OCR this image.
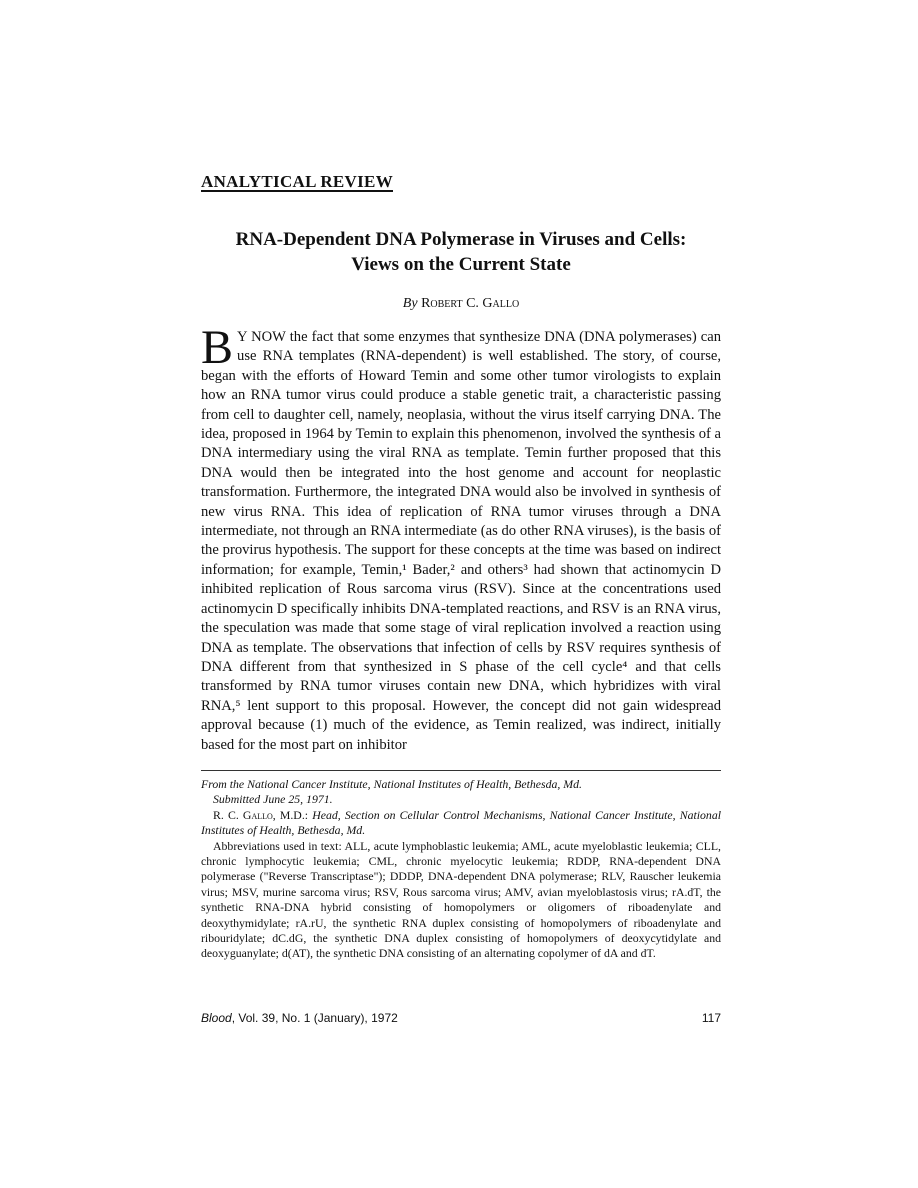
ANALYTICAL REVIEW

RNA-Dependent DNA Polymerase in Viruses and Cells:
Views on the Current State

By Robert C. Gallo

B Y NOW the fact that some enzymes that synthesize DNA (DNA polymerases) can use RNA templates (RNA-dependent) is well established. The story, of course, began with the efforts of Howard Temin and some other tumor virologists to explain how an RNA tumor virus could produce a stable genetic trait, a characteristic passing from cell to daughter cell, namely, neoplasia, without the virus itself carrying DNA. The idea, proposed in 1964 by Temin to explain this phenomenon, involved the synthesis of a DNA intermediary using the viral RNA as template. Temin further proposed that this DNA would then be integrated into the host genome and account for neoplastic transformation. Furthermore, the integrated DNA would also be involved in synthesis of new virus RNA. This idea of replication of RNA tumor viruses through a DNA intermediate, not through an RNA intermediate (as do other RNA viruses), is the basis of the provirus hypothesis. The support for these concepts at the time was based on indirect information; for example, Temin,¹ Bader,² and others³ had shown that actinomycin D inhibited replication of Rous sarcoma virus (RSV). Since at the concentrations used actinomycin D specifically inhibits DNA-templated reactions, and RSV is an RNA virus, the speculation was made that some stage of viral replication involved a reaction using DNA as template. The observations that infection of cells by RSV requires synthesis of DNA different from that synthesized in S phase of the cell cycle⁴ and that cells transformed by RNA tumor viruses contain new DNA, which hybridizes with viral RNA,⁵ lent support to this proposal. However, the concept did not gain widespread approval because (1) much of the evidence, as Temin realized, was indirect, initially based for the most part on inhibitor

From the National Cancer Institute, National Institutes of Health, Bethesda, Md.

Submitted June 25, 1971.

R. C. Gallo, M.D.: Head, Section on Cellular Control Mechanisms, National Cancer Institute, National Institutes of Health, Bethesda, Md.

Abbreviations used in text: ALL, acute lymphoblastic leukemia; AML, acute myeloblastic leukemia; CLL, chronic lymphocytic leukemia; CML, chronic myelocytic leukemia; RDDP, RNA-dependent DNA polymerase ("Reverse Transcriptase"); DDDP, DNA-dependent DNA polymerase; RLV, Rauscher leukemia virus; MSV, murine sarcoma virus; RSV, Rous sarcoma virus; AMV, avian myeloblastosis virus; rA.dT, the synthetic RNA-DNA hybrid consisting of homopolymers or oligomers of riboadenylate and deoxythymidylate; rA.rU, the synthetic RNA duplex consisting of homopolymers of riboadenylate and ribouridylate; dC.dG, the synthetic DNA duplex consisting of homopolymers of deoxycytidylate and deoxyguanylate; d(AT), the synthetic DNA consisting of an alternating copolymer of dA and dT.

Blood, Vol. 39, No. 1 (January), 1972	117
